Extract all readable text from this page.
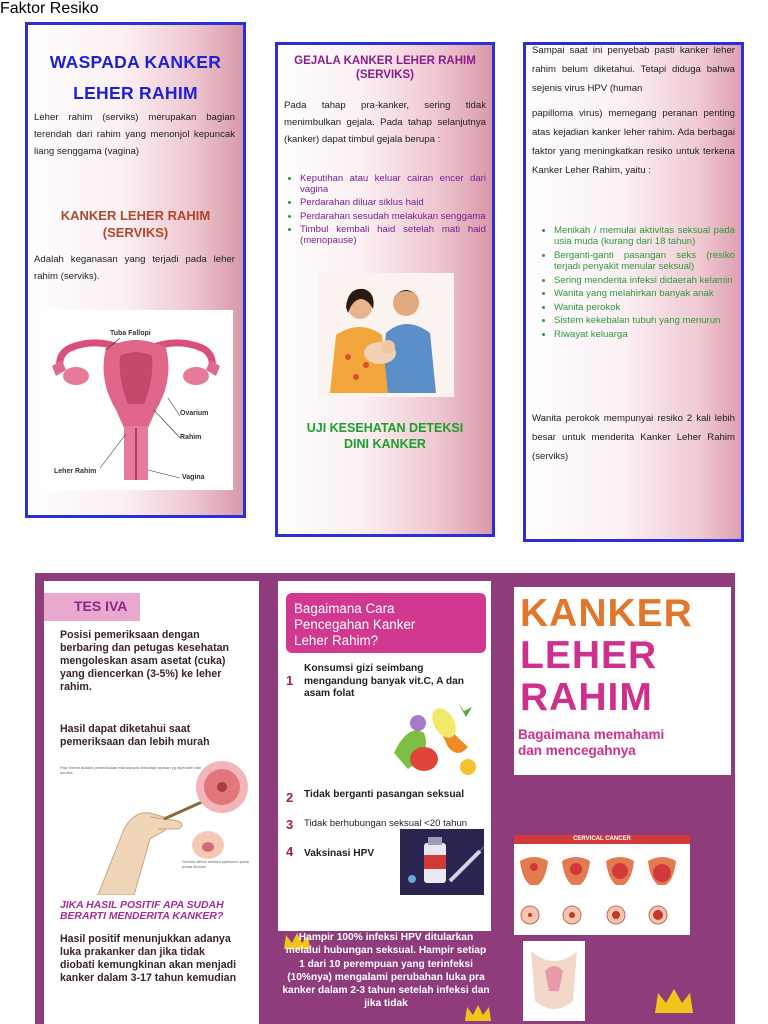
WASPADA KANKER
LEHER RAHIM
Leher rahim (serviks) merupakan bagian terendah dari rahim yang menonjol kepuncak liang senggama (vagina)
KANKER LEHER RAHIM
(SERVIKS)
Adalah keganasan yang terjadi pada leher rahim (serviks).
Tuba Fallopi
Ovarium
Rahim
Leher Rahim
Vagina
GEJALA KANKER LEHER RAHIM
(SERVIKS)
Pada tahap pra-kanker, sering tidak menimbulkan gejala. Pada tahap selanjutnya (kanker) dapat timbul gejala berupa :
• Keputihan atau keluar cairan encer dari vagina
• Perdarahan diluar siklus haid
• Perdarahan sesudah melakukan senggama
• Timbul kembali haid setelah mati haid (menopause)
UJI KESEHATAN DETEKSI
DINI KANKER
Faktor Resiko
Sampai saat ini penyebab pasti kanker leher rahim belum diketahui. Tetapi diduga bahwa sejenis virus HPV (human
papilloma virus) memegang peranan penting atas kejadian kanker leher rahim. Ada berbagai faktor yang meningkatkan resiko untuk terkena Kanker Leher Rahim, yaitu :
• Menikah / memulai aktivitas seksual pada usia muda (kurang dari 18 tahun)
• Berganti-ganti pasangan seks (resiko terjadi penyakit menular seksual)
• Sering menderita infeksi didaerah kelamin
• Wanita yang melahirkan banyak anak
• Wanita perokok
• Sistem kekebalan tubuh yang menurun
• Riwayat keluarga
Wanita perokok mempunyai resiko 2 kali lebih besar untuk menderita Kanker Leher Rahim (serviks)
TES IVA
Posisi pemeriksaan dengan berbaring dan petugas kesehatan mengoleskan asam asetat (cuka) yang diencerkan (3-5%) ke leher rahim.
Hasil dapat diketahui saat pemeriksaan dan lebih murah
Pap Smear adalah pemeriksaan mikroskopis terhadap apusan yg diperoleh dari serviks.
Serviks dilihat melalui spekulum pada posisi litotomi
JIKA HASIL POSITIF APA SUDAH BERARTI MENDERITA KANKER?
Hasil positif menunjukkan adanya luka prakanker dan jika tidak diobati kemungkinan akan menjadi kanker dalam 3-17 tahun kemudian
Bagaimana Cara
Pencegahan Kanker
Leher Rahim?
1
Konsumsi gizi seimbang mengandung banyak vit.C, A dan asam folat
2 Tidak berganti pasangan seksual
3 Tidak berhubungan seksual <20 tahun
4 Vaksinasi HPV
Hampir 100% infeksi HPV ditularkan melalui hubungan seksual. Hampir setiap 1 dari 10 perempuan yang terinfeksi (10%nya) mengalami perubahan luka pra kanker dalam 2-3 tahun setelah infeksi dan jika tidak
KANKER
LEHER
RAHIM
Bagaimana memahami
dan mencegahnya
CERVICAL CANCER
